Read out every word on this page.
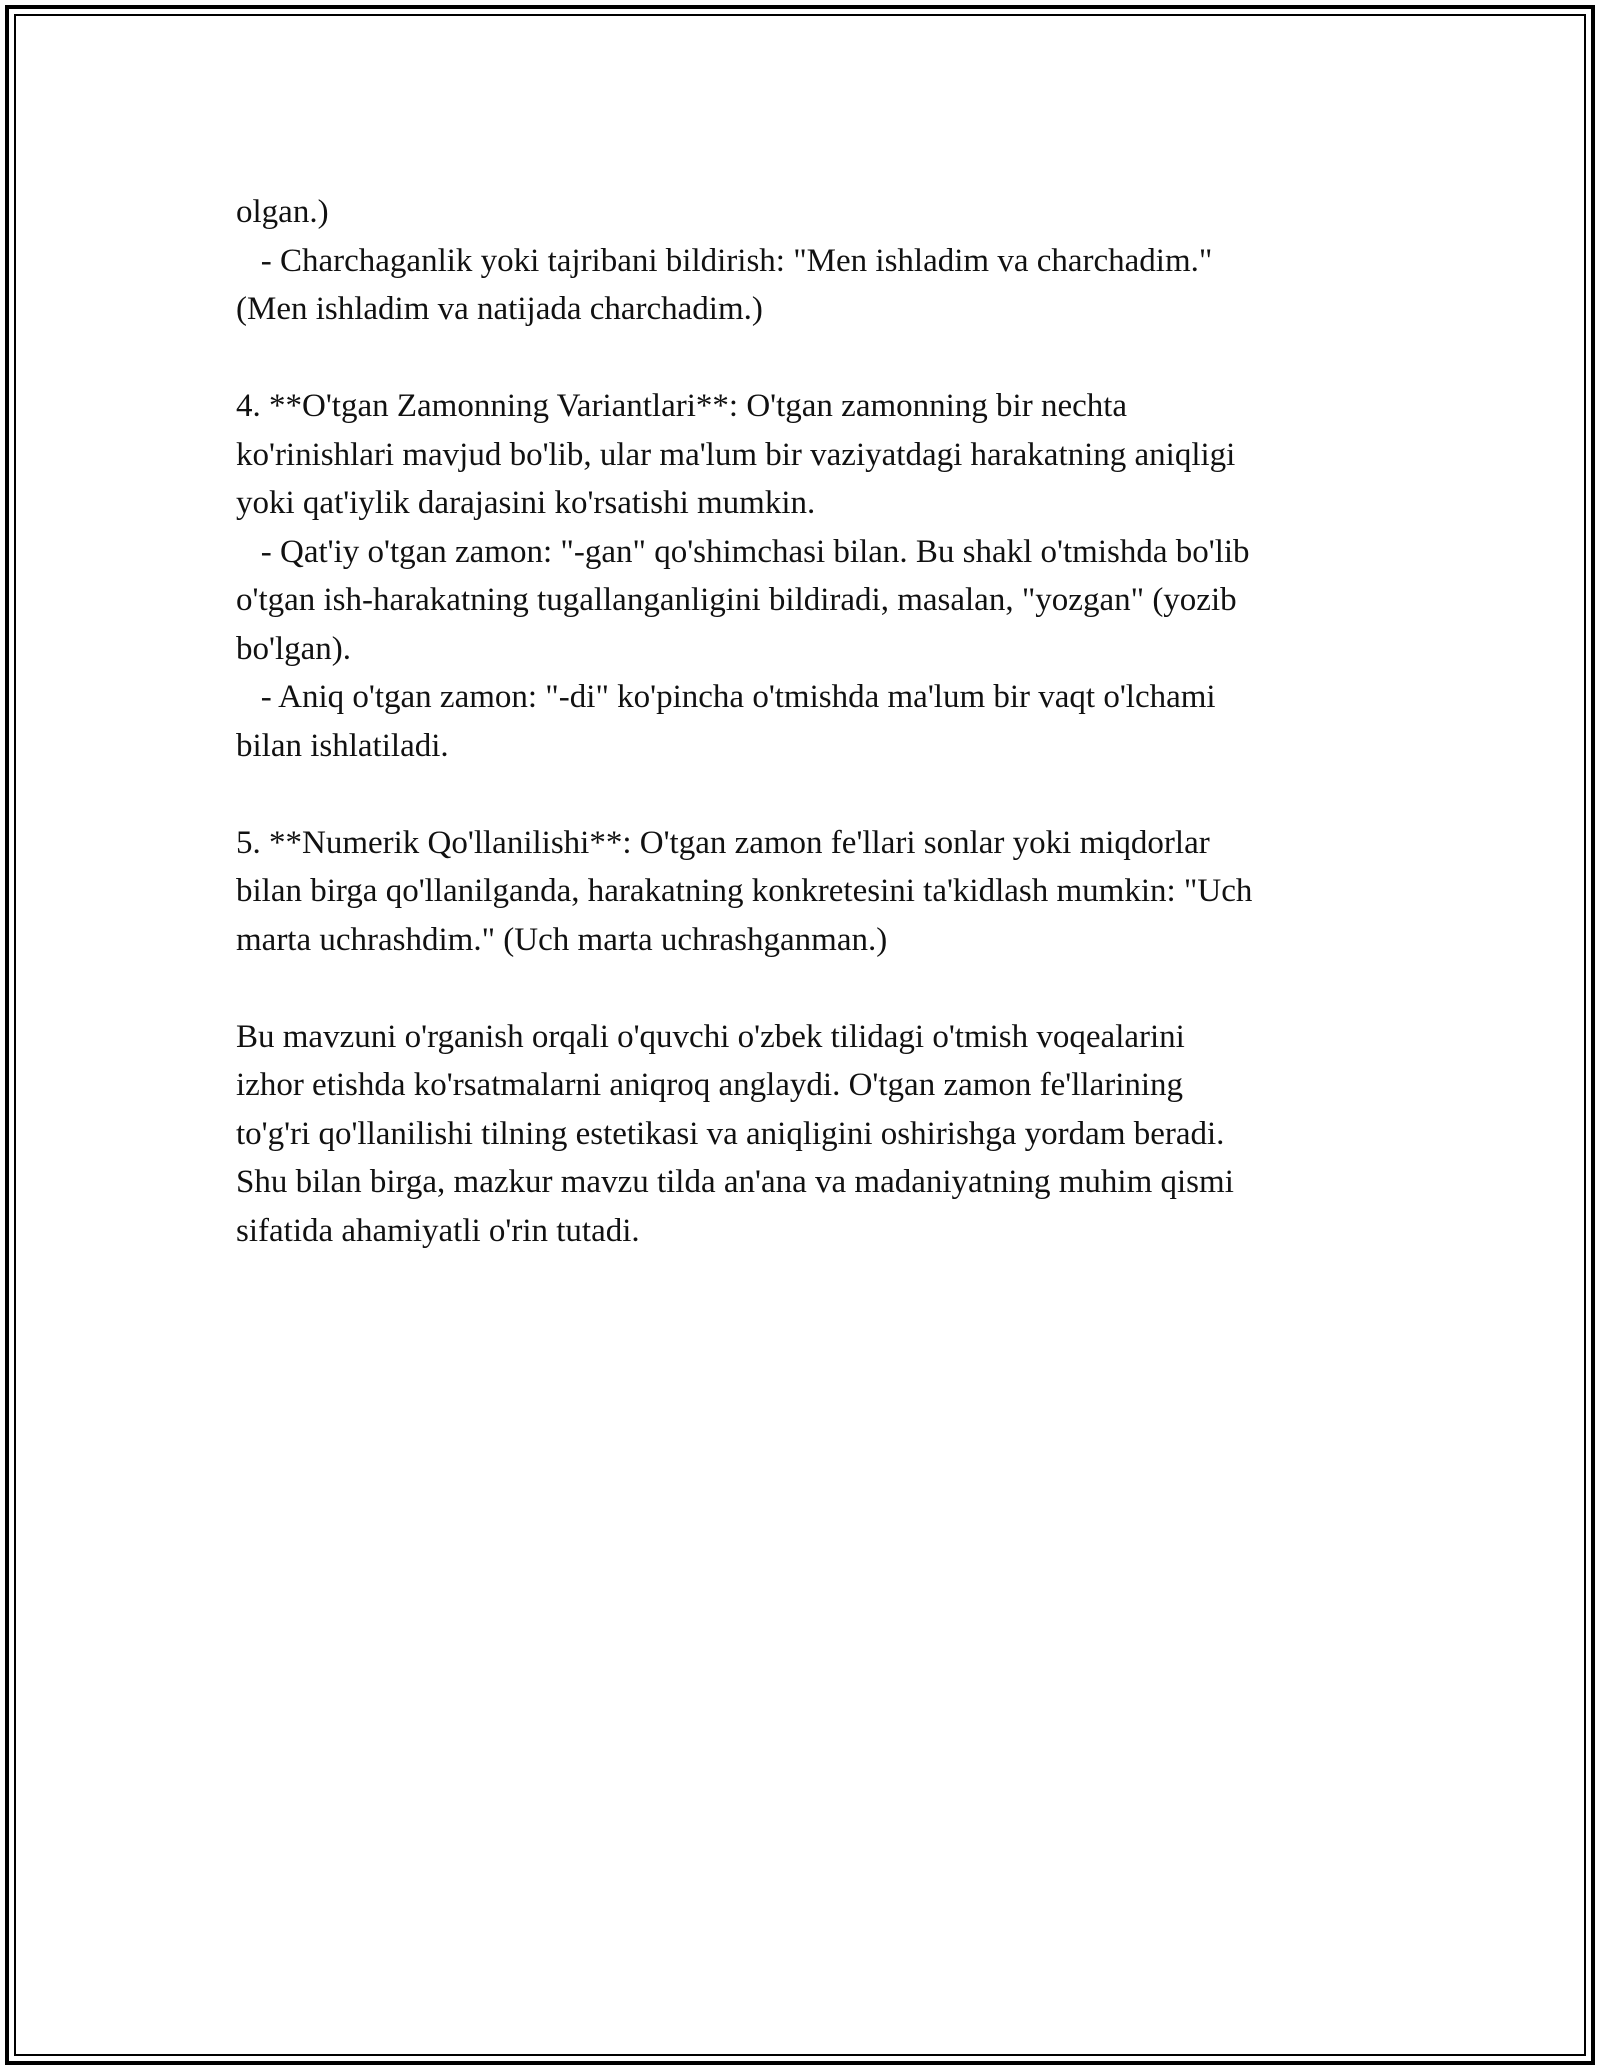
olgan.)
- Charchaganlik yoki tajribani bildirish: "Men ishladim va charchadim."
(Men ishladim va natijada charchadim.)
4. **O'tgan Zamonning Variantlari**: O'tgan zamonning bir nechta
ko'rinishlari mavjud bo'lib, ular ma'lum bir vaziyatdagi harakatning aniqligi
yoki qat'iylik darajasini ko'rsatishi mumkin.
- Qat'iy o'tgan zamon: "-gan" qo'shimchasi bilan. Bu shakl o'tmishda bo'lib
o'tgan ish-harakatning tugallanganligini bildiradi, masalan, "yozgan" (yozib
bo'lgan).
- Aniq o'tgan zamon: "-di" ko'pincha o'tmishda ma'lum bir vaqt o'lchami
bilan ishlatiladi.
5. **Numerik Qo'llanilishi**: O'tgan zamon fe'llari sonlar yoki miqdorlar
bilan birga qo'llanilganda, harakatning konkretesini ta'kidlash mumkin: "Uch
marta uchrashdim." (Uch marta uchrashganman.)
Bu mavzuni o'rganish orqali o'quvchi o'zbek tilidagi o'tmish voqealarini
izhor etishda ko'rsatmalarni aniqroq anglaydi. O'tgan zamon fe'llarining
to'g'ri qo'llanilishi tilning estetikasi va aniqligini oshirishga yordam beradi.
Shu bilan birga, mazkur mavzu tilda an'ana va madaniyatning muhim qismi
sifatida ahamiyatli o'rin tutadi.
